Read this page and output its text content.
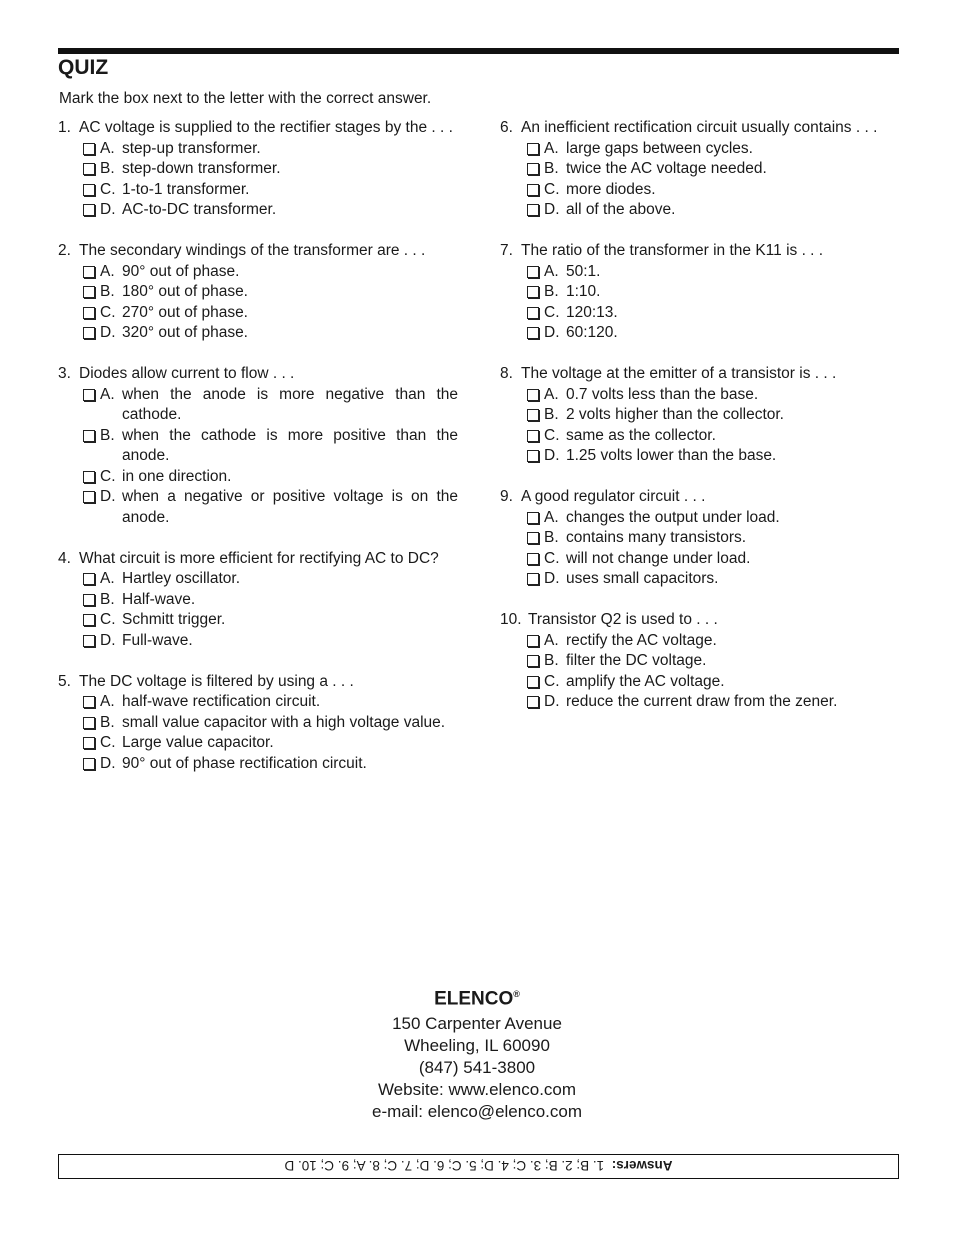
QUIZ
Mark the box next to the letter with the correct answer.
1. AC voltage is supplied to the rectifier stages by the . . .
A. step-up transformer.
B. step-down transformer.
C. 1-to-1 transformer.
D. AC-to-DC transformer.
2. The secondary windings of the transformer are . . .
A. 90° out of phase.
B. 180° out of phase.
C. 270° out of phase.
D. 320° out of phase.
3. Diodes allow current to flow . . .
A. when the anode is more negative than the cathode.
B. when the cathode is more positive than the anode.
C. in one direction.
D. when a negative or positive voltage is on the anode.
4. What circuit is more efficient for rectifying AC to DC?
A. Hartley oscillator.
B. Half-wave.
C. Schmitt trigger.
D. Full-wave.
5. The DC voltage is filtered by using a . . .
A. half-wave rectification circuit.
B. small value capacitor with a high voltage value.
C. Large value capacitor.
D. 90° out of phase rectification circuit.
6. An inefficient rectification circuit usually contains . . .
A. large gaps between cycles.
B. twice the AC voltage needed.
C. more diodes.
D. all of the above.
7. The ratio of the transformer in the K11 is . . .
A. 50:1.
B. 1:10.
C. 120:13.
D. 60:120.
8. The voltage at the emitter of a transistor is . . .
A. 0.7 volts less than the base.
B. 2 volts higher than the collector.
C. same as the collector.
D. 1.25 volts lower than the base.
9. A good regulator circuit . . .
A. changes the output under load.
B. contains many transistors.
C. will not change under load.
D. uses small capacitors.
10. Transistor Q2 is used to . . .
A. rectify the AC voltage.
B. filter the DC voltage.
C. amplify the AC voltage.
D. reduce the current draw from the zener.
ELENCO®
150 Carpenter Avenue
Wheeling, IL 60090
(847) 541-3800
Website: www.elenco.com
e-mail: elenco@elenco.com
Answers:  1. B; 2. B; 3. C; 4. D; 5. C; 6. D; 7. C; 8. A; 9. C; 10. D
